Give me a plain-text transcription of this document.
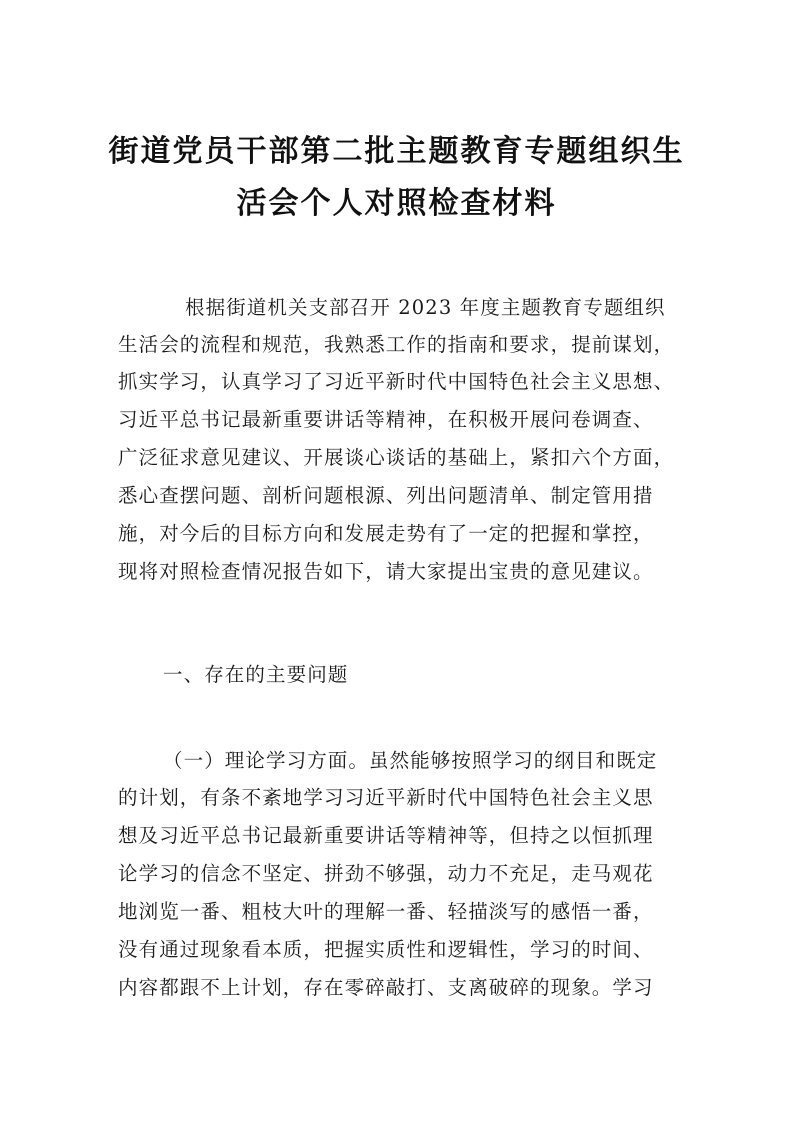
街道党员干部第二批主题教育专题组织生
活会个人对照检查材料
根据街道机关支部召开 2023 年度主题教育专题组织
生活会的流程和规范，我熟悉工作的指南和要求，提前谋划，
抓实学习，认真学习了习近平新时代中国特色社会主义思想、
习近平总书记最新重要讲话等精神，在积极开展问卷调查、
广泛征求意见建议、开展谈心谈话的基础上，紧扣六个方面，
悉心查摆问题、剖析问题根源、列出问题清单、制定管用措
施，对今后的目标方向和发展走势有了一定的把握和掌控，
现将对照检查情况报告如下，请大家提出宝贵的意见建议。
一、存在的主要问题
（一）理论学习方面。虽然能够按照学习的纲目和既定
的计划，有条不紊地学习习近平新时代中国特色社会主义思
想及习近平总书记最新重要讲话等精神等，但持之以恒抓理
论学习的信念不坚定、拼劲不够强，动力不充足，走马观花
地浏览一番、粗枝大叶的理解一番、轻描淡写的感悟一番，
没有通过现象看本质，把握实质性和逻辑性，学习的时间、
内容都跟不上计划，存在零碎敲打、支离破碎的现象。学习
